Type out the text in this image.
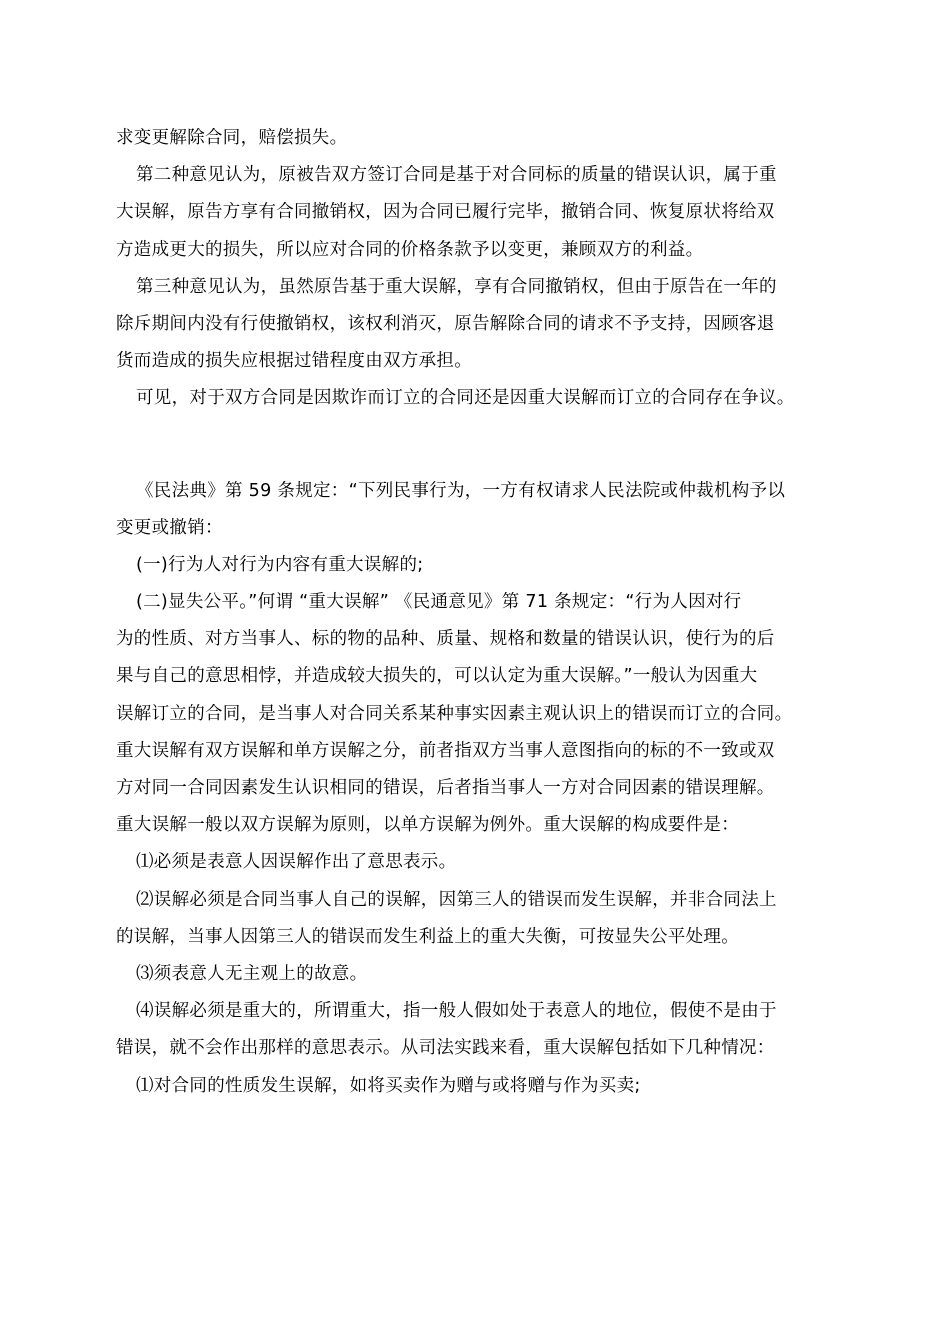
求变更解除合同，赔偿损失。
第二种意见认为，原被告双方签订合同是基于对合同标的质量的错误认识，属于重
大误解，原告方享有合同撤销权，因为合同已履行完毕，撤销合同、恢复原状将给双
方造成更大的损失，所以应对合同的价格条款予以变更，兼顾双方的利益。
第三种意见认为，虽然原告基于重大误解，享有合同撤销权，但由于原告在一年的
除斥期间内没有行使撤销权，该权利消灭，原告解除合同的请求不予支持，因顾客退
货而造成的损失应根据过错程度由双方承担。
可见，对于双方合同是因欺诈而订立的合同还是因重大误解而订立的合同存在争议。
《民法典》第 59 条规定：“下列民事行为，一方有权请求人民法院或仲裁机构予以
变更或撤销：
(一)行为人对行为内容有重大误解的;
(二)显失公平。”何谓 “重大误解” 《民通意见》第 71 条规定：“行为人因对行
为的性质、对方当事人、标的物的品种、质量、规格和数量的错误认识，使行为的后
果与自己的意思相悖，并造成较大损失的，可以认定为重大误解。”一般认为因重大
误解订立的合同，是当事人对合同关系某种事实因素主观认识上的错误而订立的合同。
重大误解有双方误解和单方误解之分，前者指双方当事人意图指向的标的不一致或双
方对同一合同因素发生认识相同的错误，后者指当事人一方对合同因素的错误理解。
重大误解一般以双方误解为原则，以单方误解为例外。重大误解的构成要件是：
⑴必须是表意人因误解作出了意思表示。
⑵误解必须是合同当事人自己的误解，因第三人的错误而发生误解，并非合同法上
的误解，当事人因第三人的错误而发生利益上的重大失衡，可按显失公平处理。
⑶须表意人无主观上的故意。
⑷误解必须是重大的，所谓重大，指一般人假如处于表意人的地位，假使不是由于
错误，就不会作出那样的意思表示。从司法实践来看，重大误解包括如下几种情况：
⑴对合同的性质发生误解，如将买卖作为赠与或将赠与作为买卖;
